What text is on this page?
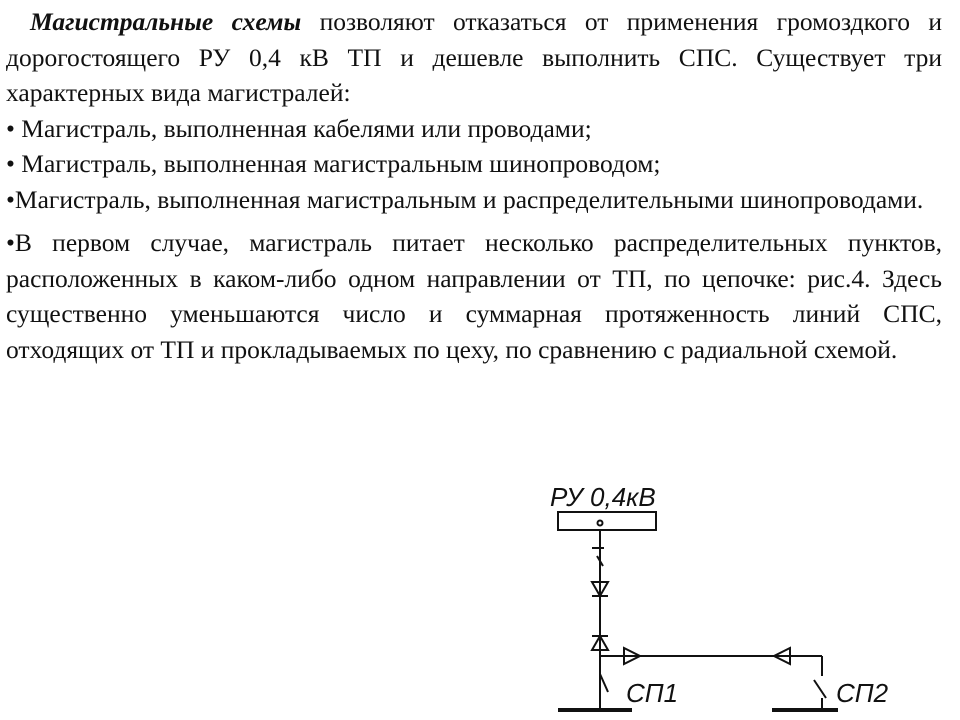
Магистральные схемы позволяют отказаться от применения громоздкого и дорогостоящего РУ 0,4 кВ ТП и дешевле выполнить СПС. Существует три характерных вида магистралей:

• Магистраль, выполненная кабелями или проводами;

• Магистраль, выполненная магистральным шинопроводом;

•Магистраль, выполненная магистральным и распределительными шинопроводами.

•В первом случае, магистраль питает несколько распределительных пунктов, расположенных в каком-либо одном направлении от ТП, по цепочке: рис.4. Здесь существенно уменьшаются число и суммарная протяженность линий СПС, отходящих от ТП и прокладываемых по цеху, по сравнению с радиальной схемой.

РУ 0,4кВ
СП1	СП2
